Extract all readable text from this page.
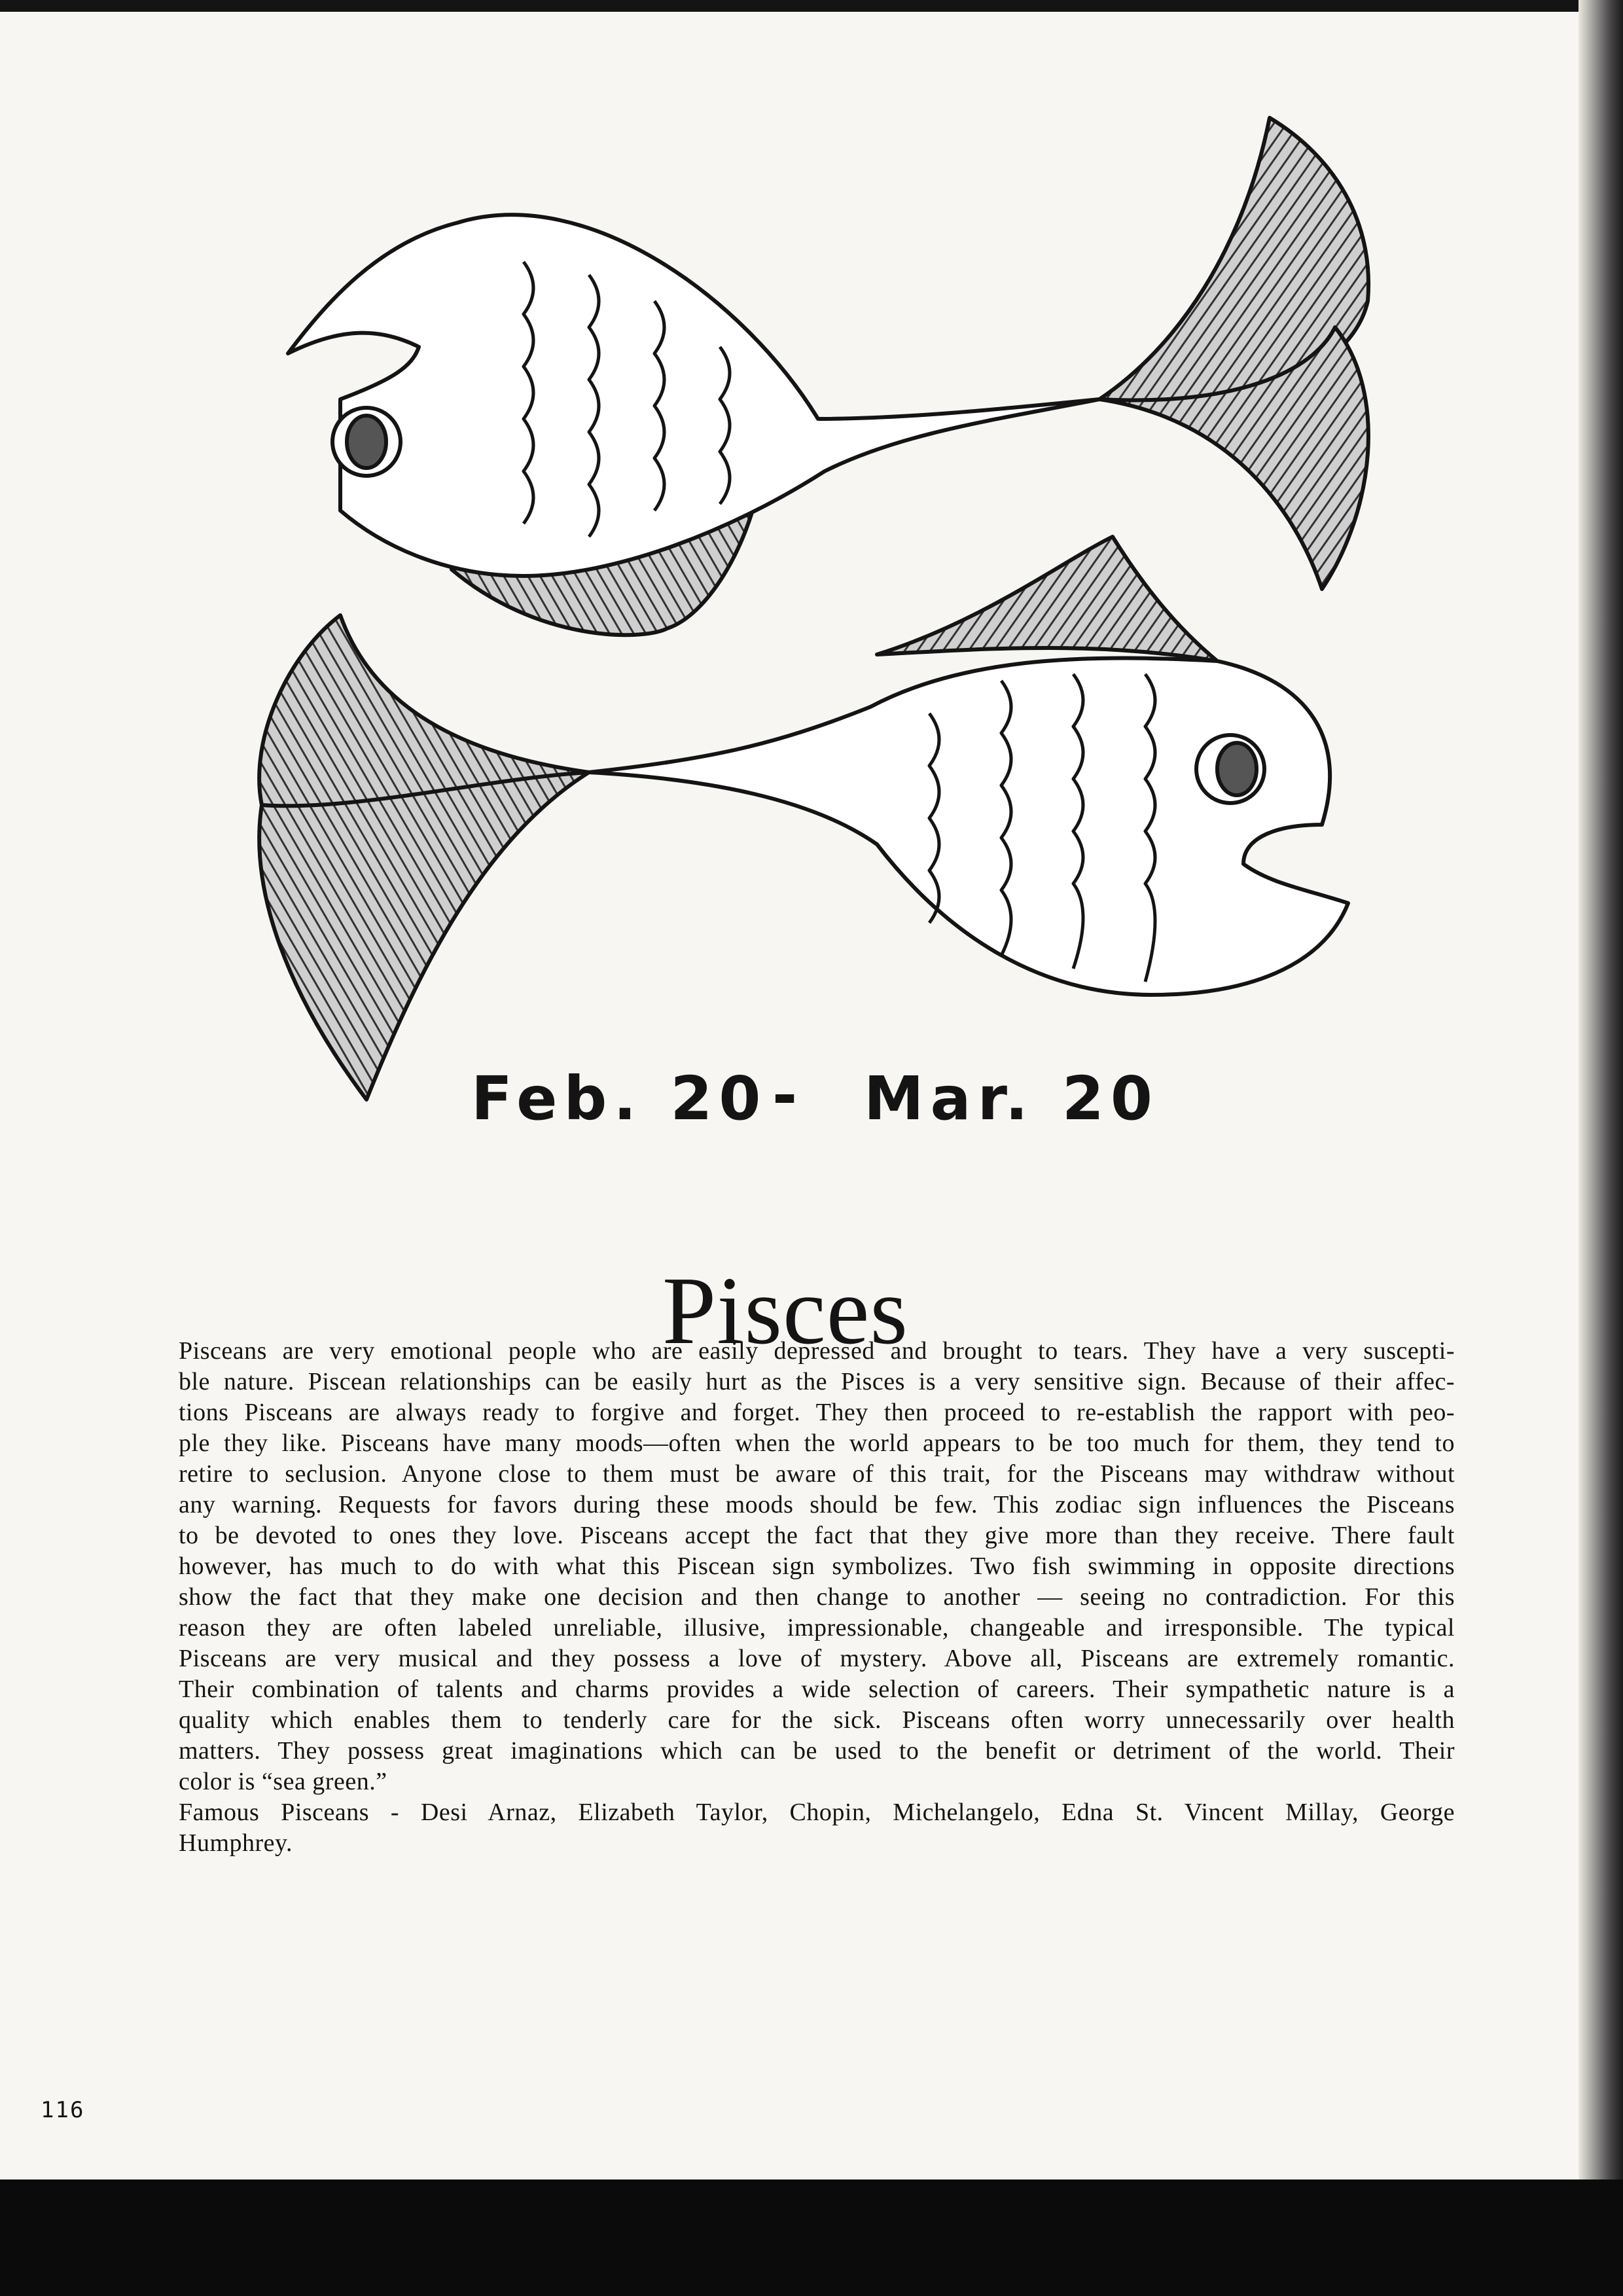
Feb. 20 - Mar. 20
Pisces
Pisceans are very emotional people who are easily depressed and brought to tears. They have a very suscepti-
ble nature. Piscean relationships can be easily hurt as the Pisces is a very sensitive sign. Because of their affec-
tions Pisceans are always ready to forgive and forget. They then proceed to re-establish the rapport with peo-
ple they like. Pisceans have many moods—often when the world appears to be too much for them, they tend to
retire to seclusion. Anyone close to them must be aware of this trait, for the Pisceans may withdraw without
any warning. Requests for favors during these moods should be few. This zodiac sign influences the Pisceans
to be devoted to ones they love. Pisceans accept the fact that they give more than they receive. There fault
however, has much to do with what this Piscean sign symbolizes. Two fish swimming in opposite directions
show the fact that they make one decision and then change to another — seeing no contradiction. For this
reason they are often labeled unreliable, illusive, impressionable, changeable and irresponsible. The typical
Pisceans are very musical and they possess a love of mystery. Above all, Pisceans are extremely romantic.
Their combination of talents and charms provides a wide selection of careers. Their sympathetic nature is a
quality which enables them to tenderly care for the sick. Pisceans often worry unnecessarily over health
matters. They possess great imaginations which can be used to the benefit or detriment of the world. Their
color is “sea green.”
Famous Pisceans - Desi Arnaz, Elizabeth Taylor, Chopin, Michelangelo, Edna St. Vincent Millay, George
Humphrey.
116
